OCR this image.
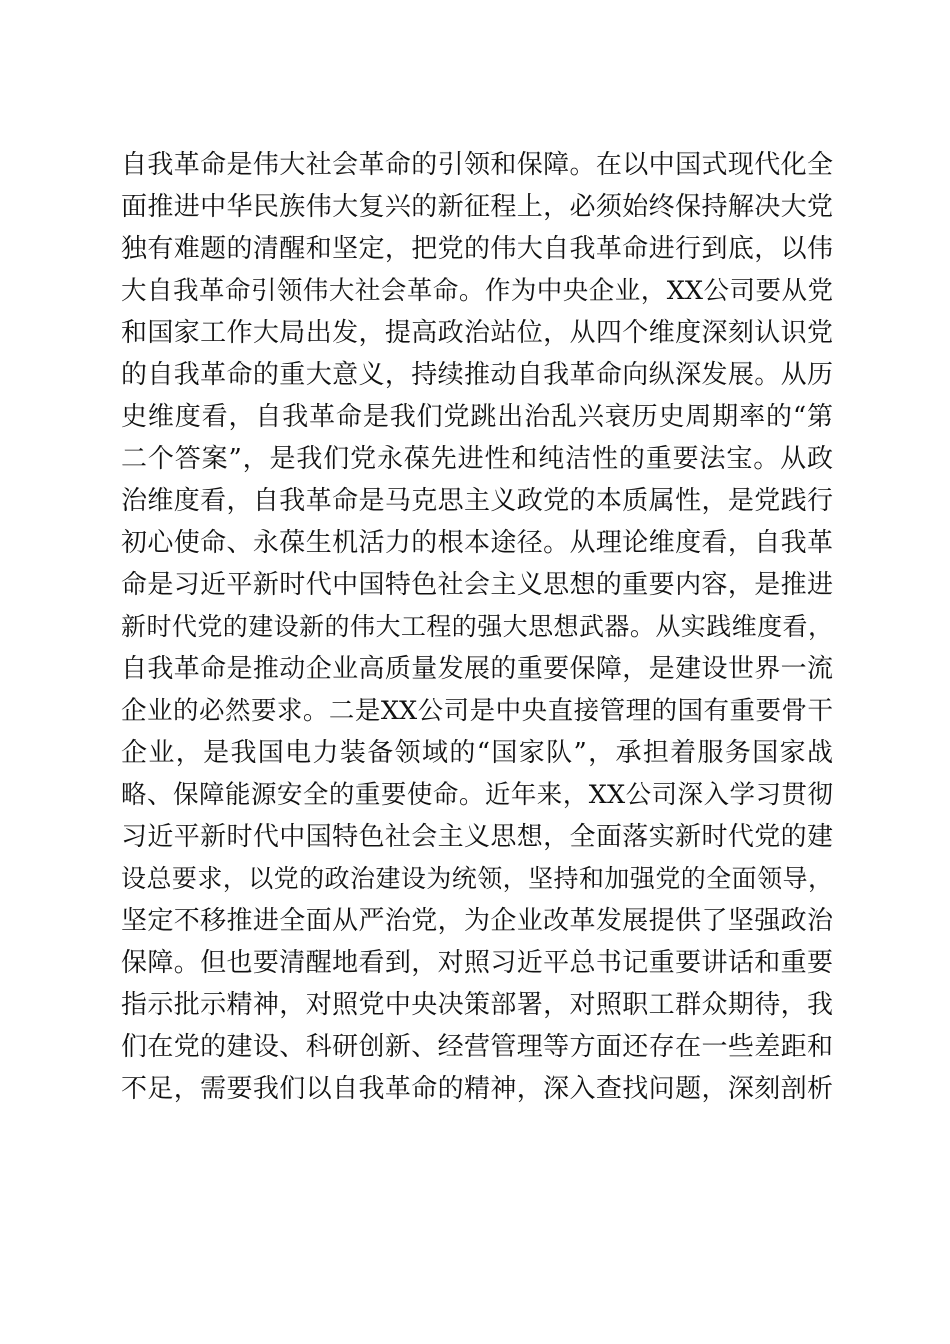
自我革命是伟大社会革命的引领和保障。在以中国式现代化全
面推进中华民族伟大复兴的新征程上，必须始终保持解决大党
独有难题的清醒和坚定，把党的伟大自我革命进行到底，以伟
大自我革命引领伟大社会革命。作为中央企业，XX公司要从党
和国家工作大局出发，提高政治站位，从四个维度深刻认识党
的自我革命的重大意义，持续推动自我革命向纵深发展。从历
史维度看，自我革命是我们党跳出治乱兴衰历史周期率的“第
二个答案”，是我们党永葆先进性和纯洁性的重要法宝。从政
治维度看，自我革命是马克思主义政党的本质属性，是党践行
初心使命、永葆生机活力的根本途径。从理论维度看，自我革
命是习近平新时代中国特色社会主义思想的重要内容，是推进
新时代党的建设新的伟大工程的强大思想武器。从实践维度看，
自我革命是推动企业高质量发展的重要保障，是建设世界一流
企业的必然要求。二是XX公司是中央直接管理的国有重要骨干
企业，是我国电力装备领域的“国家队”，承担着服务国家战
略、保障能源安全的重要使命。近年来，XX公司深入学习贯彻
习近平新时代中国特色社会主义思想，全面落实新时代党的建
设总要求，以党的政治建设为统领，坚持和加强党的全面领导，
坚定不移推进全面从严治党，为企业改革发展提供了坚强政治
保障。但也要清醒地看到，对照习近平总书记重要讲话和重要
指示批示精神，对照党中央决策部署，对照职工群众期待，我
们在党的建设、科研创新、经营管理等方面还存在一些差距和
不足，需要我们以自我革命的精神，深入查找问题，深刻剖析
